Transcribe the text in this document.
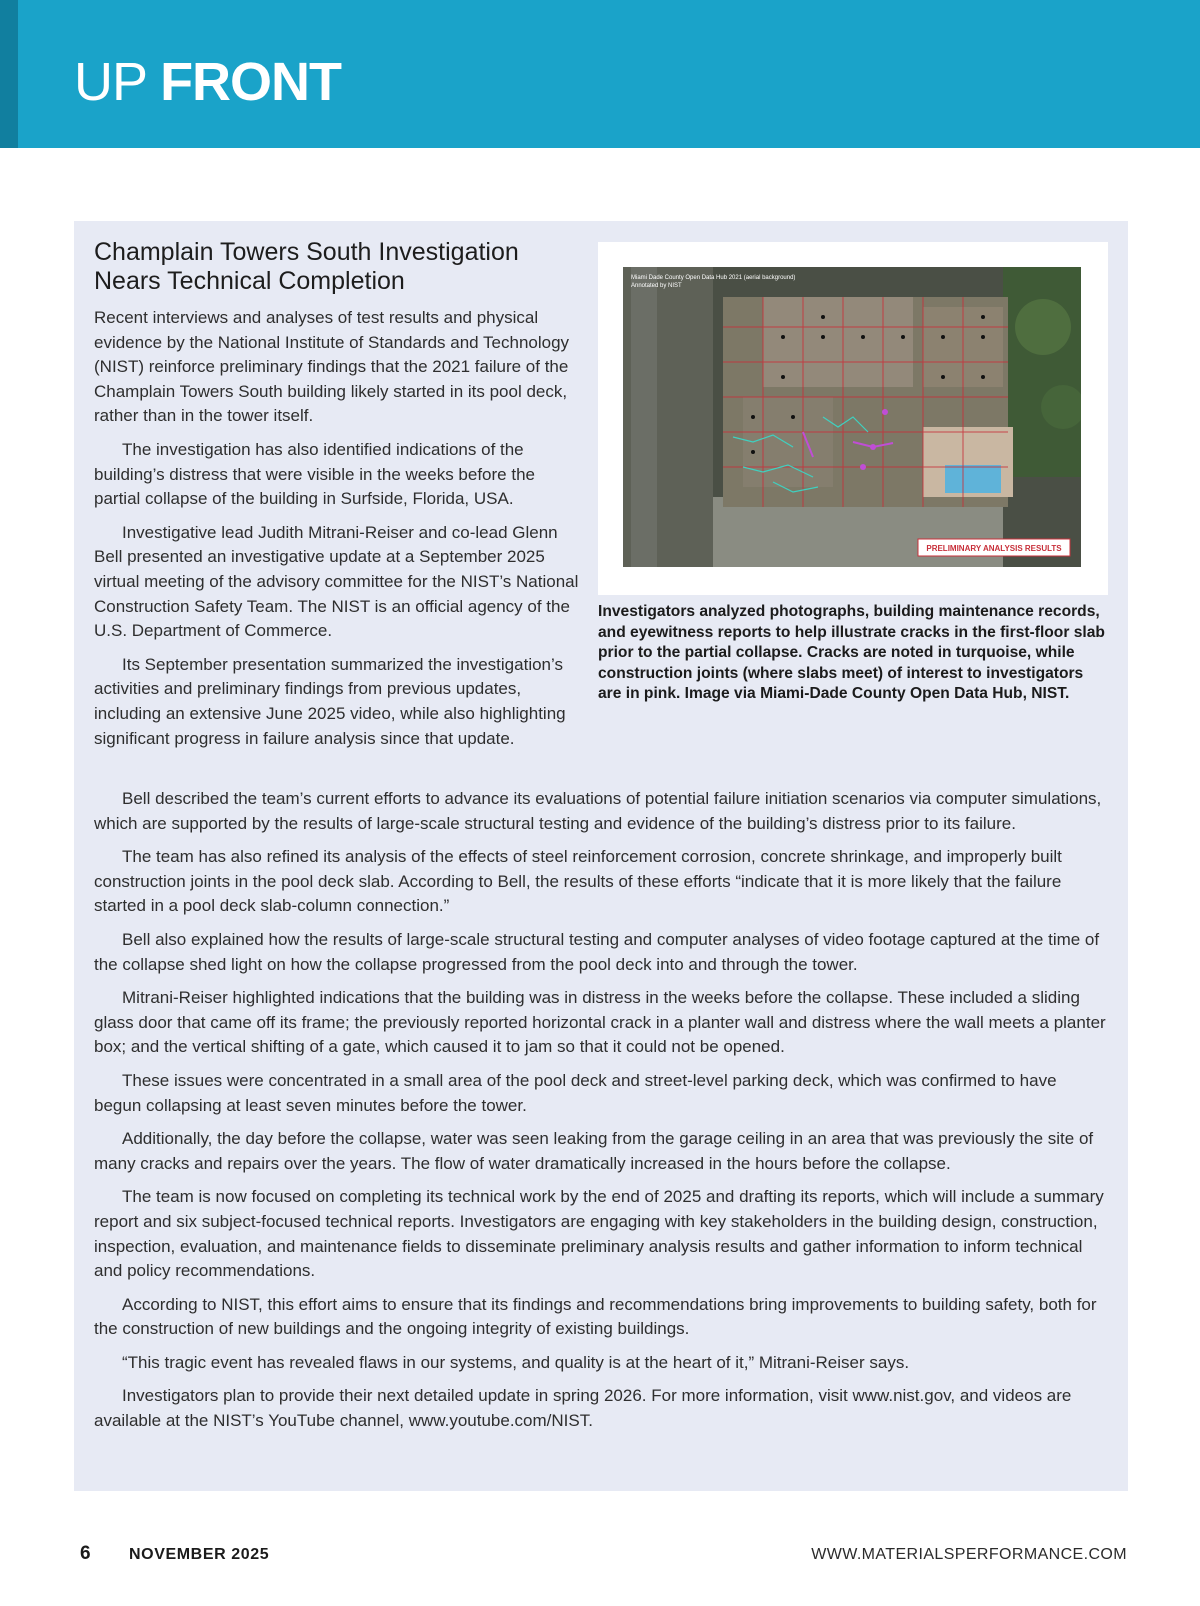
UP FRONT
Champlain Towers South Investigation Nears Technical Completion

Recent interviews and analyses of test results and physical evidence by the National Institute of Standards and Technology (NIST) reinforce preliminary findings that the 2021 failure of the Champlain Towers South building likely started in its pool deck, rather than in the tower itself.

The investigation has also identified indications of the building’s distress that were visible in the weeks before the partial collapse of the building in Surfside, Florida, USA.

Investigative lead Judith Mitrani-Reiser and co-lead Glenn Bell presented an investigative update at a September 2025 virtual meeting of the advisory committee for the NIST’s National Construction Safety Team. The NIST is an official agency of the U.S. Department of Commerce.

Its September presentation summarized the investigation’s activities and preliminary findings from previous updates, including an extensive June 2025 video, while also highlighting significant progress in failure analysis since that update.

Miami Dade County Open Data Hub 2021 (aerial background)
Annotated by NIST
PRELIMINARY ANALYSIS RESULTS

Investigators analyzed photographs, building maintenance records, and eyewitness reports to help illustrate cracks in the first-floor slab prior to the partial collapse. Cracks are noted in turquoise, while construction joints (where slabs meet) of interest to investigators are in pink. Image via Miami-Dade County Open Data Hub, NIST.

Bell described the team’s current efforts to advance its evaluations of potential failure initiation scenarios via computer simulations, which are supported by the results of large-scale structural testing and evidence of the building’s distress prior to its failure.

The team has also refined its analysis of the effects of steel reinforcement corrosion, concrete shrinkage, and improperly built construction joints in the pool deck slab. According to Bell, the results of these efforts “indicate that it is more likely that the failure started in a pool deck slab-column connection.”

Bell also explained how the results of large-scale structural testing and computer analyses of video footage captured at the time of the collapse shed light on how the collapse progressed from the pool deck into and through the tower.

Mitrani-Reiser highlighted indications that the building was in distress in the weeks before the collapse. These included a sliding glass door that came off its frame; the previously reported horizontal crack in a planter wall and distress where the wall meets a planter box; and the vertical shifting of a gate, which caused it to jam so that it could not be opened.

These issues were concentrated in a small area of the pool deck and street-level parking deck, which was confirmed to have begun collapsing at least seven minutes before the tower.

Additionally, the day before the collapse, water was seen leaking from the garage ceiling in an area that was previously the site of many cracks and repairs over the years. The flow of water dramatically increased in the hours before the collapse.

The team is now focused on completing its technical work by the end of 2025 and drafting its reports, which will include a summary report and six subject-focused technical reports. Investigators are engaging with key stakeholders in the building design, construction, inspection, evaluation, and maintenance fields to disseminate preliminary analysis results and gather information to inform technical and policy recommendations.

According to NIST, this effort aims to ensure that its findings and recommendations bring improvements to building safety, both for the construction of new buildings and the ongoing integrity of existing buildings.

“This tragic event has revealed flaws in our systems, and quality is at the heart of it,” Mitrani-Reiser says.

Investigators plan to provide their next detailed update in spring 2026. For more information, visit www.nist.gov, and videos are available at the NIST’s YouTube channel, www.youtube.com/NIST.

6 NOVEMBER 2025	WWW.MATERIALSPERFORMANCE.COM
